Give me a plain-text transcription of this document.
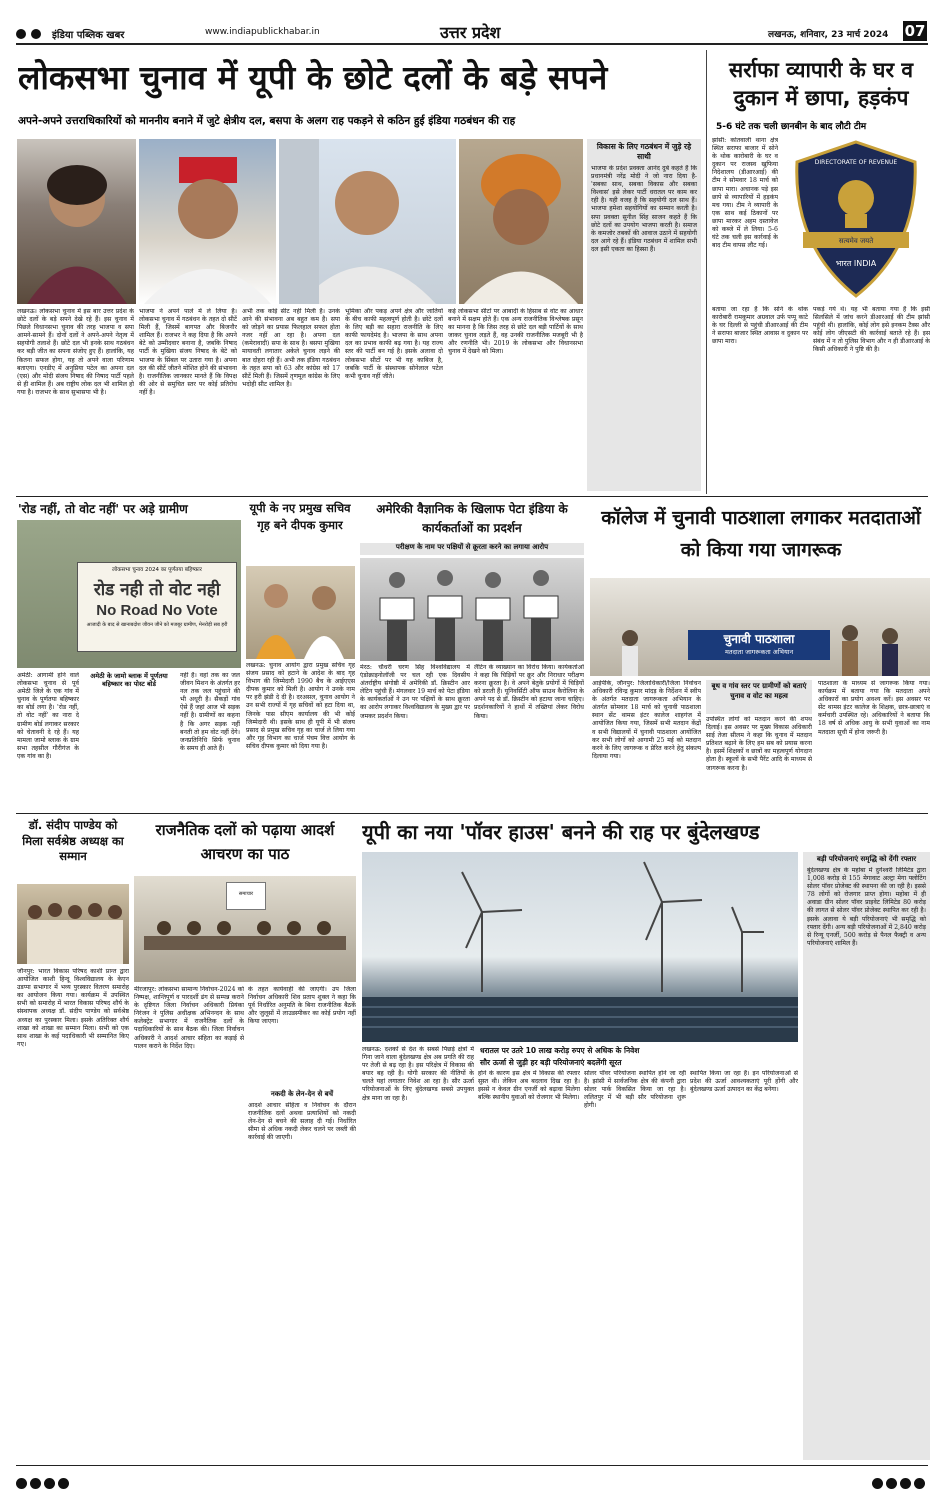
इंडिया पब्लिक खबर	www.indiapublickhabar.in	उत्तर प्रदेश	लखनऊ, शनिवार, 23 मार्च 2024 07

लोकसभा चुनाव में यूपी के छोटे दलों के बड़े सपने
अपने-अपने उत्तराधिकारियों को माननीय बनाने में जुटे क्षेत्रीय दल, बसपा के अलग राह पकड़ने से कठिन हुई इंडिया गठबंधन की राह
लखनऊ। लोकसभा चुनाव में इस बार उत्तर प्रदेश के छोटे दलों के बड़े सपने देखे रहे हैं। इस चुनाव में पिछले विधानसभा चुनाव की तरह भाजपा व सपा आमने-सामने हैं। दोनों दलों ने अपने-अपने नेतृत्व में सहयोगी तलाशे हैं। छोटे दल भी इनके साथ गठबंधन कर बड़ी जीत का सपना संजोए हुए हैं। हालांकि, यह कितना सफल होगा, यह तो अपने वाला परिणाम बताएगा। एनडीए में अनुप्रिया पटेल का अपना दल (एस) और मोदी संजय निषाद की निषाद पार्टी पहले से ही शामिल हैं। अब राष्ट्रीय लोक दल भी शामिल हो गया है। राजभर के साथ सुभासपा भी है।
भाजपा ने अपने पाले में ले लिया है। लोकसभा चुनाव में गठबंधन के तहत दो सीटें मिली हैं, जिसमें बागपत और बिजनौर शामिल हैं। राजभर ने कह दिया है कि अपने बेटे को उम्मीदवार बनाना है, जबकि निषाद पार्टी के मुखिया संजय निषाद के बेटे को भाजपा के सिंबल पर उतारा गया है। अपना दल की सीटें जीतने मोशित होने की संभावना है। राजनीतिक जानकार मानते हैं कि विपक्ष की ओर से समुचित स्तर पर कोई प्रतिरोध नहीं है।
अभी तक कोई सीट नहीं मिली है। उनके आने की संभावना अब बहुत कम है। सपा को जोड़ने का प्रयास फिलहाल सफल होता नजर नहीं आ रहा है। अपना दल (कमेरावादी) सपा के साथ है। बसपा मुखिया मायावती लगातार अकेले चुनाव लड़ने की बात दोहरा रही हैं। अभी तक इंडिया गठबंधन के तहत सपा को 63 और कांग्रेस को 17 सीटें मिली हैं। जिसमें तृणमूल कांग्रेस के लिए भदोही सीट शामिल है।
भूमिका और पकड़ अपने क्षेत्र और जातियों के बीच काफी महत्वपूर्ण होती है। छोटे दलों के लिए बड़ी का सहारा राजनीति के लिए काफी फायदेमंद है। भाजपा के साथ अपना दल का प्रभाव काफी बढ़ गया है। यह राज्य स्तर की पार्टी बन गई है। इसके अलावा दो लोकसभा सीटों पर भी यह काबिज है, जबकि पार्टी के संस्थापक सोनेलाल पटेल कभी चुनाव नहीं जीते।
कई लोकसभा सीटों पर आबादी के हिसाब से वोट का आधार बनाने में सक्षम होते हैं। एक अन्य राजनीतिक विश्लेषक प्रसून का मानना है कि जिस तरह से छोटे दल बड़ी पार्टियों के साथ जाकर चुनाव लड़ते हैं, वह उनकी राजनीतिक मजबूरी भी है और रणनीति भी। 2019 के लोकसभा और विधानसभा चुनाव में देखने को मिला।
विकास के लिए गठबंधन में जुड़े रहे साथी
भाजपा के प्रदेश प्रवक्ता आनंद दुबे कहते हैं कि प्रधानमंत्री नरेंद्र मोदी ने जो नारा दिया है- 'सबका साथ, सबका विकास और सबका विश्वास' इसे लेकर पार्टी धरातल पर काम कर रही है। यही वजह है कि सहयोगी दल साथ हैं। भाजपा हमेशा सहयोगियों का सम्मान करती है। सपा प्रवक्ता सुनील सिंह साजन कहते हैं कि छोटे दलों का उपयोग भाजपा करती है। समाज के कमजोर तबकों की आवाज उठाने में सहयोगी दल आगे रहे हैं। इंडिया गठबंधन में शामिल सभी दल इसी एकता का हिस्सा हैं।
सर्राफा व्यापारी के घर व दुकान में छापा, हड़कंप
5-6 घंटे तक चली छानबीन के बाद लौटी टीम
झांसी: कोतवाली थाना क्षेत्र स्थित सराफा बाजार में सोने के थोक कारोबारी के घर व दुकान पर राजस्व खुफिया निदेशालय (डीआरआई) की टीम ने सोमवार 18 मार्च को छापा मारा। अचानक पड़े इस छापे से व्यापारियों में हड़कंप मच गया। टीम ने व्यापारी के एक साथ कई ठिकानों पर छापा मारकर अहम दस्तावेज को कब्जे में ले लिया। 5-6 घंटे तक चली इस कार्रवाई के बाद टीम वापस लौट गई।
सत्यमेव जयते
DIRECTORATE OF REVENUE
भारत INDIA
बताया जा रहा है कि सोने के थोक कारोबारी रामकुमार अग्रवाल उर्फ पप्पू काटे के घर दिल्ली से पहुंची डीआरआई की टीम ने सराफा बाजार स्थित आवास व दुकान पर छापा मारा।
पकड़े गये थे। यह भी बताया गया है कि इसी सिलसिले में जांच करने डीआरआई की टीम झांसी पहुंची थी। हालांकि, कोई लोग इसे इनकम टैक्स और कोई लोग जीएसटी की कार्रवाई बताते रहे हैं। इस संबंध में न तो पुलिस विभाग और न ही डीआरआई के किसी अधिकारी ने पुष्टि की है।
'रोड नहीं, तो वोट नहीं' पर अड़े ग्रामीण
लोकसभा चुनाव 2024 का पूर्णतया बहिष्कार
रोड नही तो वोट नही
No Road No Vote
आजादी के बाद से खानाबदोश जीवन जीने को मजबूर ग्रामीण, मेनरोड़ी सब हरी
अमेठी: आगामी होने वाले लोकसभा चुनाव से पूर्व अमेठी जिले के एक गांव में चुनाव के पूर्णतया बहिष्कार का बोर्ड लगा है। 'रोड नहीं, तो वोट नहीं' का नारा दे ग्रामीण बोर्ड लगाकर सरकार को चेतावनी दे रहे हैं। यह मामला जामो ब्लाक के ग्राम सभा तहसील गौरीगंज के एक गांव का है।
अमेठी के जामो ब्लाक में पूर्णतया बहिष्कार का पोस्ट बोर्ड
नहीं है। वहां तक का जल जीवन मिशन के अंतर्गत हर नल तक जल पहुंचाने की भी अधूरी है। सैकड़ों गांव ऐसे हैं जहां आज भी सड़क नहीं है। ग्रामीणों का कहना है कि अगर सड़क नहीं बनती तो हम वोट नहीं देंगे। जनप्रतिनिधि सिर्फ चुनाव के समय ही आते हैं।
यूपी के नए प्रमुख सचिव गृह बने दीपक कुमार
लखनऊ: चुनाव आयोग द्वारा प्रमुख सचिव गृह संजय प्रसाद को हटाने के आदेश के बाद गृह विभाग की जिम्मेदारी 1990 बैच के आईएएस दीपक कुमार को मिली है। आयोग ने उनके नाम पर हरी झंडी दे दी है। दरअसल, चुनाव आयोग ने उन सभी राज्यों में गृह सचिवों को हटा दिया था, जिनके पास सीएम कार्यालय की भी कोई जिम्मेदारी थी। इसके साथ ही यूपी में भी संजय प्रसाद से प्रमुख सचिव गृह का चार्ज ले लिया गया और गृह विभाग का चार्ज पंचम वित्त आयोग के सचिव दीपक कुमार को दिया गया है।
अमेरिकी वैज्ञानिक के खिलाफ पेटा इंडिया के कार्यकर्ताओं का प्रदर्शन
परीक्षण के नाम पर पक्षियों से क्रूरता करने का लगाया आरोप
मेरठ: चौधरी चरण सिंह विश्वविद्यालय में एंडोक्राइनोलॉजी पर चल रही एक दिवसीय अंतर्राष्ट्रीय संगोष्ठी में अमेरिकी डॉ. क्रिस्टीन आर लेटिन पहुंची हैं। मंगलवार 19 मार्च को पेटा इंडिया के कार्यकर्ताओं ने उन पर पक्षियों के साथ क्रूरता का आरोप लगाकर विश्वविद्यालय के मुख्य द्वार पर जमकर प्रदर्शन किया।
लैटिन के व्याख्यान का विरोध किया। कार्यकर्ताओं ने कहा कि चिड़ियों पर क्रूर और निराधार परीक्षण करना क्रूरता है। वे अपने बेतुके प्रयोगों में चिड़ियों को डराती हैं। यूनिवर्सिटी ऑफ साउथ कैरोलिना के अपने पद से डॉ. क्रिस्टीन को हटाया जाना चाहिए। प्रदर्शनकारियों ने हाथों में तख्तियां लेकर विरोध किया।
कॉलेज में चुनावी पाठशाला लगाकर मतदाताओं को किया गया जागरूक
चुनावी पाठशाला
मतदाता जागरूकता अभियान
आईपीके, जौनपुर: जिलाधिकारी/जिला निर्वाचन अधिकारी रविन्द्र कुमार मांदड़ के निर्देशन में स्वीप के अंतर्गत मतदाता जागरूकता अभियान के अंतर्गत सोमवार 18 मार्च को चुनावी पाठशाला स्थान सेंट थामस इंटर कालेज शाहगंज में आयोजित किया गया, जिसमें सभी मतदान केंद्रों व सभी विद्यालयों में चुनावी पाठशाला आयोजित कर सभी लोगों को आगामी 25 मई को मतदान करने के लिए जागरूक व प्रेरित करने हेतु संकल्प दिलाया गया।
बूथ व गांव स्तर पर ग्रामीणों को बताएं चुनाव व वोट का महत्व
उपस्थित लोगों को मतदान करने की शपथ दिलाई। इस अवसर पर मुख्य विकास अधिकारी साई तेजा सीलम ने कहा कि चुनाव में मतदान प्रतिशत बढ़ाने के लिए हम सब को प्रयास करना है। इसमें शिक्षकों व छात्रों का महत्वपूर्ण योगदान होता है। स्कूलों के सभी पैरेंट आदि के माध्यम से जागरूक करना है।
पाठशाला के माध्यम से जागरूक किया गया। कार्यक्रम में बताया गया कि मतदाता अपने अधिकारों का प्रयोग अवश्य करें। इस अवसर पर सेंट थामस इंटर कालेज के शिक्षक, छात्र-छात्राएं व कर्मचारी उपस्थित रहे। अधिकारियों ने बताया कि 18 वर्ष से अधिक आयु के सभी युवाओं का नाम मतदाता सूची में होना जरूरी है।
डॉ. संदीप पाण्डेय को मिला सर्वश्रेष्ठ अध्यक्ष का सम्मान
जौनपुर: भारत विकास परिषद काशी प्रान्त द्वारा आयोजित काशी हिन्दू विश्वविद्यालय के केएन उडप्पा सभागार में भव्य पुरस्कार वितरण समारोह का आयोजन किया गया। कार्यक्रम में उपस्थित सभी को समारोह में भारत विकास परिषद शौर्य के संस्थापक अध्यक्ष डॉ. संदीप पाण्डेय को सर्वश्रेष्ठ अध्यक्ष का पुरस्कार मिला। इसके अतिरिक्त शौर्य शाखा को शाखा का सम्मान मिला। सभी को एक साथ शाखा के कई पदाधिकारी भी सम्मानित किए गए।
राजनैतिक दलों को पढ़ाया आदर्श आचरण का पाठ
समाचार
मीरजापुर: लोकसभा सामान्य निर्वाचन-2024 को निष्पक्ष, शान्तिपूर्ण व पारदर्शी ढंग से सम्पन्न कराने के दृष्टिगत जिला निर्वाचन अधिकारी प्रियंका निरंजन ने पुलिस अधीक्षक अभिनन्दन के साथ कलेक्ट्रेट सभागार में राजनैतिक दलों के पदाधिकारियों के साथ बैठक की। जिला निर्वाचन अधिकारी ने आदर्श आचार संहिता का कड़ाई से पालन कराने के निर्देश दिए।
के तहत कार्यवाही की जाएगी। उप जिला निर्वाचन अधिकारी शिव प्रताप शुक्ल ने कहा कि पूर्व निर्धारित अनुमति के बिना राजनीतिक बैठकें और जुलूसों में लाउडस्पीकर का कोई प्रयोग नहीं किया जाएगा।
नकदी के लेन-देन से बचें
आदर्श आचार संहिता व निर्वाचन के दौरान राजनीतिक दलों अथवा प्रत्याशियों को नकदी लेन-देन से बचने की सलाह दी गई। निर्धारित सीमा से अधिक नकदी लेकर चलने पर जब्ती की कार्रवाई की जाएगी।
यूपी का नया 'पॉवर हाउस' बनने की राह पर बुंदेलखण्ड
धरातल पर उतरे 10 लाख करोड़ रुपए से अधिक के निवेश
सौर ऊर्जा से जुड़ी हर बड़ी परियोजनाएं बदलेंगी सूरत
लखनऊ: दशकों से देश के सबसे पिछड़े क्षेत्रों में गिना जाने वाला बुंदेलखण्ड क्षेत्र अब प्रगति की राह पर तेजी से बढ़ रहा है। इस परिक्षेत्र में विकास की बयार बह रही है। योगी सरकार की नीतियों के चलते यहां लगातार निवेश आ रहा है। सौर ऊर्जा परियोजनाओं के लिए बुंदेलखण्ड सबसे उपयुक्त क्षेत्र माना जा रहा है।
होने के कारण इस क्षेत्र में विकास की रफ्तार सुस्त थी। लेकिन अब बदलाव दिख रहा है। इससे न केवल ग्रीन एनर्जी को बढ़ावा मिलेगा बल्कि स्थानीय युवाओं को रोजगार भी मिलेगा।
सोलर पॉवर परियोजना स्थापित होने जा रही है। झांसी में सार्वजनिक क्षेत्र की कंपनी द्वारा सोलर पार्क विकसित किया जा रहा है। ललितपुर में भी बड़ी सौर परियोजना शुरू होगी।
स्थापित किया जा रहा है। इन परियोजनाओं से प्रदेश की ऊर्जा आवश्यकताएं पूरी होंगी और बुंदेलखण्ड ऊर्जा उत्पादन का केंद्र बनेगा।
बड़ी परियोजनाएं समृद्धि को देंगी रफ्तार
बुंदेलखण्ड क्षेत्र के महोबा में दुर्गेश्वरी लिमिटेड द्वारा 1,008 करोड़ से 155 मेगावाट अल्ट्रा मेगा फ्लोटिंग सोलर पॉवर प्रोजेक्ट की स्थापना की जा रही है। इससे 78 लोगों को रोजगार प्राप्त होगा। महोबा में ही अवाडा ग्रीन सोलर पॉवर प्राइवेट लिमिटेड 80 करोड़ की लागत से सोलर पॉवर प्रोजेक्ट स्थापित कर रही है। इसके अलावा ये बड़ी परियोजनाएं भी समृद्धि को रफ्तार देंगी। अन्य बड़ी परियोजनाओं में 2,840 करोड़ से रिन्यू एनर्जी, 500 करोड़ से पैनल फैक्ट्री व अन्य परियोजनाएं शामिल हैं।
